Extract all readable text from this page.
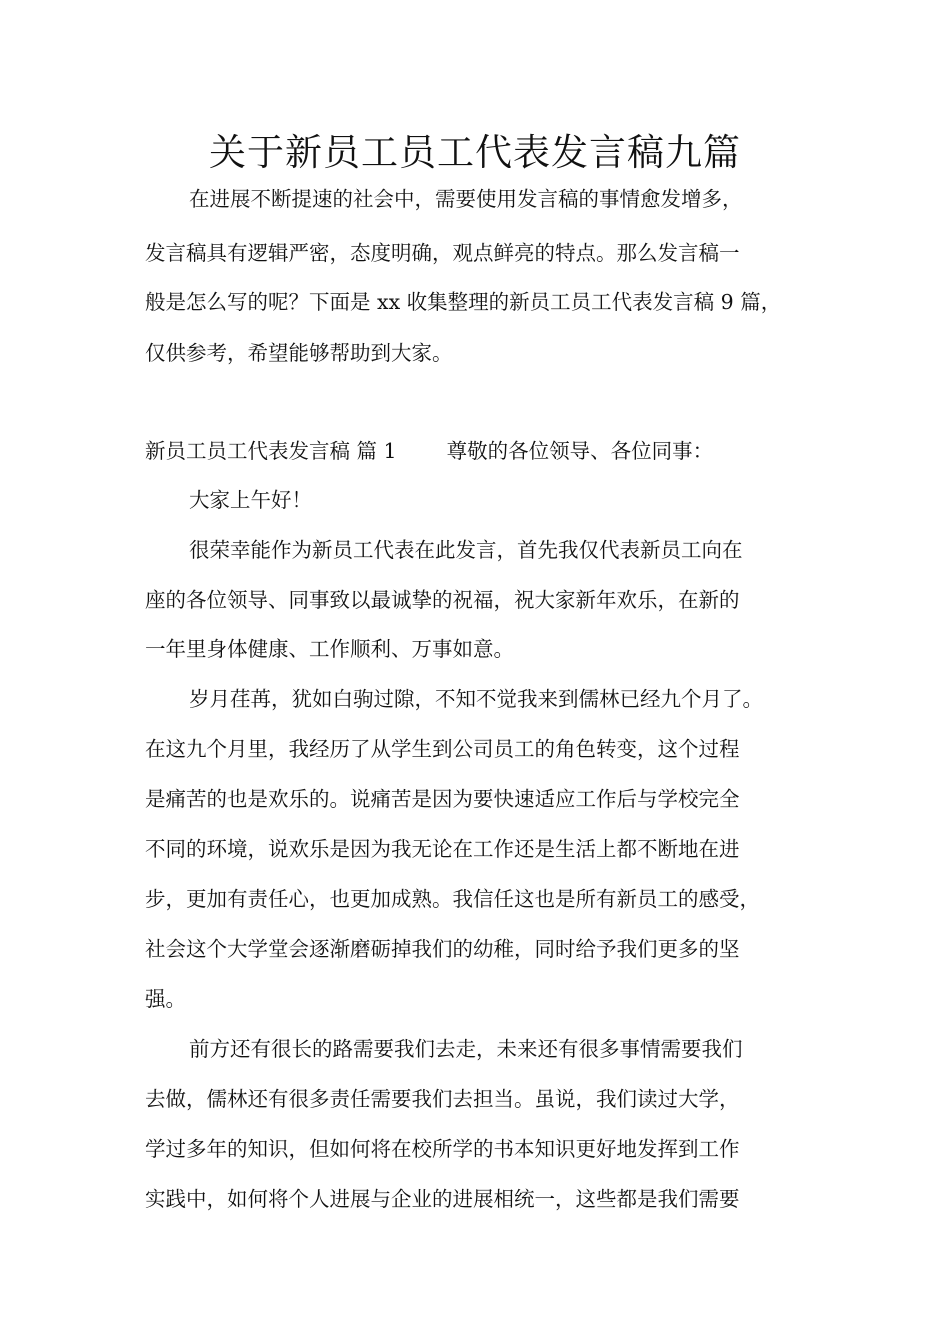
关于新员工员工代表发言稿九篇
在进展不断提速的社会中，需要使用发言稿的事情愈发增多，
发言稿具有逻辑严密，态度明确，观点鲜亮的特点。那么发言稿一
般是怎么写的呢？下面是 xx 收集整理的新员工员工代表发言稿 9 篇，
仅供参考，希望能够帮助到大家。
新员工员工代表发言稿 篇 1 尊敬的各位领导、各位同事：
大家上午好！
很荣幸能作为新员工代表在此发言，首先我仅代表新员工向在
座的各位领导、同事致以最诚挚的祝福，祝大家新年欢乐，在新的
一年里身体健康、工作顺利、万事如意。
岁月荏苒，犹如白驹过隙，不知不觉我来到儒林已经九个月了。
在这九个月里，我经历了从学生到公司员工的角色转变，这个过程
是痛苦的也是欢乐的。说痛苦是因为要快速适应工作后与学校完全
不同的环境，说欢乐是因为我无论在工作还是生活上都不断地在进
步，更加有责任心，也更加成熟。我信任这也是所有新员工的感受，
社会这个大学堂会逐渐磨砺掉我们的幼稚，同时给予我们更多的坚
强。
前方还有很长的路需要我们去走，未来还有很多事情需要我们
去做，儒林还有很多责任需要我们去担当。虽说，我们读过大学，
学过多年的知识，但如何将在校所学的书本知识更好地发挥到工作
实践中，如何将个人进展与企业的进展相统一，这些都是我们需要
